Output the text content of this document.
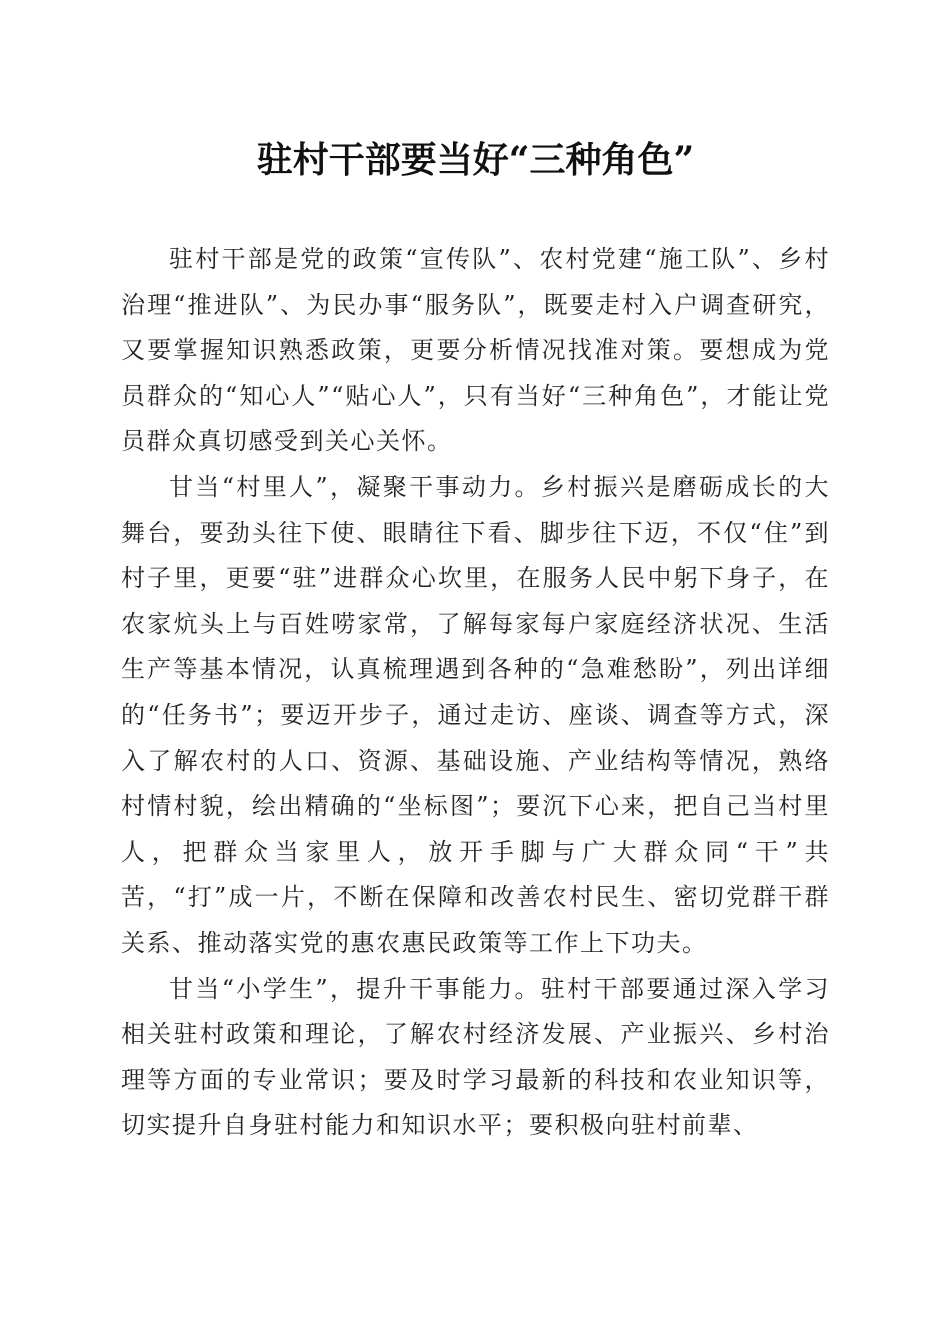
驻村干部要当好“三种角色”

驻村干部是党的政策“宣传队”、农村党建“施工队”、乡村治理“推进队”、为民办事“服务队”，既要走村入户调查研究，又要掌握知识熟悉政策，更要分析情况找准对策。要想成为党员群众的“知心人”“贴心人”，只有当好“三种角色”，才能让党员群众真切感受到关心关怀。

甘当“村里人”，凝聚干事动力。乡村振兴是磨砺成长的大舞台，要劲头往下使、眼睛往下看、脚步往下迈，不仅“住”到村子里，更要“驻”进群众心坎里，在服务人民中躬下身子，在农家炕头上与百姓唠家常，了解每家每户家庭经济状况、生活生产等基本情况，认真梳理遇到各种的“急难愁盼”，列出详细的“任务书”；要迈开步子，通过走访、座谈、调查等方式，深入了解农村的人口、资源、基础设施、产业结构等情况，熟络村情村貌，绘出精确的“坐标图”；要沉下心来，把自己当村里人，把群众当家里人，放开手脚与广大群众同“干”共苦，“打”成一片，不断在保障和改善农村民生、密切党群干群关系、推动落实党的惠农惠民政策等工作上下功夫。

甘当“小学生”，提升干事能力。驻村干部要通过深入学习相关驻村政策和理论，了解农村经济发展、产业振兴、乡村治理等方面的专业常识；要及时学习最新的科技和农业知识等，切实提升自身驻村能力和知识水平；要积极向驻村前辈、
